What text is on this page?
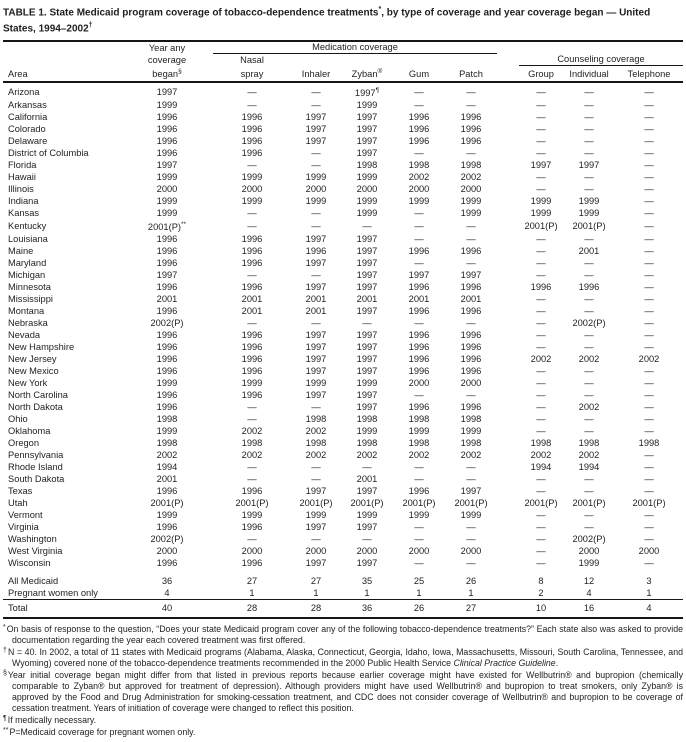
TABLE 1. State Medicaid program coverage of tobacco-dependence treatments*, by type of coverage and year coverage began — United States, 1994–2002†
	Year any	Medication coverage								
	coverage	Nasal						Counseling coverage		
Area	began§	spray	Inhaler	Zyban®	Gum	Patch		Group	Individual	Telephone
Arizona	1997	—	—	1997¶	—	—		—	—	—
Arkansas	1999	—	—	1999	—	—		—	—	—
California	1996	1996	1997	1997	1996	1996		—	—	—
Colorado	1996	1996	1997	1997	1996	1996		—	—	—
Delaware	1996	1996	1997	1997	1996	1996		—	—	—
District of Columbia	1996	1996	—	1997	—	—		—	—	—
Florida	1997	—	—	1998	1998	1998		1997	1997	—
Hawaii	1999	1999	1999	1999	2002	2002		—	—	—
Illinois	2000	2000	2000	2000	2000	2000		—	—	—
Indiana	1999	1999	1999	1999	1999	1999		1999	1999	—
Kansas	1999	—	—	1999	—	1999		1999	1999	—
Kentucky	2001(P)**	—	—	—	—	—		2001(P)	2001(P)	—
Louisiana	1996	1996	1997	1997	—	—		—	—	—
Maine	1996	1996	1996	1997	1996	1996		—	2001	—
Maryland	1996	1996	1997	1997	—	—		—	—	—
Michigan	1997	—	—	1997	1997	1997		—	—	—
Minnesota	1996	1996	1997	1997	1996	1996		1996	1996	—
Mississippi	2001	2001	2001	2001	2001	2001		—	—	—
Montana	1996	2001	2001	1997	1996	1996		—	—	—
Nebraska	2002(P)	—	—	—	—	—		—	2002(P)	—
Nevada	1996	1996	1997	1997	1996	1996		—	—	—
New Hampshire	1996	1996	1997	1997	1996	1996		—	—	—
New Jersey	1996	1996	1997	1997	1996	1996		2002	2002	2002
New Mexico	1996	1996	1997	1997	1996	1996		—	—	—
New York	1999	1999	1999	1999	2000	2000		—	—	—
North Carolina	1996	1996	1997	1997	—	—		—	—	—
North Dakota	1996	—	—	1997	1996	1996		—	2002	—
Ohio	1998	—	1998	1998	1998	1998		—	—	—
Oklahoma	1999	2002	2002	1999	1999	1999		—	—	—
Oregon	1998	1998	1998	1998	1998	1998		1998	1998	1998
Pennsylvania	2002	2002	2002	2002	2002	2002		2002	2002	—
Rhode Island	1994	—	—	—	—	—		1994	1994	—
South Dakota	2001	—	—	2001	—	—		—	—	—
Texas	1996	1996	1997	1997	1996	1997		—	—	—
Utah	2001(P)	2001(P)	2001(P)	2001(P)	2001(P)	2001(P)		2001(P)	2001(P)	2001(P)
Vermont	1999	1999	1999	1999	1999	1999		—	—	—
Virginia	1996	1996	1997	1997	—	—		—	—	—
Washington	2002(P)	—	—	—	—	—		—	2002(P)	—
West Virginia	2000	2000	2000	2000	2000	2000		—	2000	2000
Wisconsin	1996	1996	1997	1997	—	—		—	1999	—
All Medicaid	36	27	27	35	25	26		8	12	3
Pregnant women only	4	1	1	1	1	1		2	4	1
Total	40	28	28	36	26	27		10	16	4
*On basis of response to the question, “Does your state Medicaid program cover any of the following tobacco-dependence treatments?” Each state also was asked to provide documentation regarding the year each covered treatment was first offered.
†N = 40. In 2002, a total of 11 states with Medicaid programs (Alabama, Alaska, Connecticut, Georgia, Idaho, Iowa, Massachusetts, Missouri, South Carolina, Tennessee, and Wyoming) covered none of the tobacco-dependence treatments recommended in the 2000 Public Health Service Clinical Practice Guideline.
§Year initial coverage began might differ from that listed in previous reports because earlier coverage might have existed for Wellbutrin® and bupropion (chemically comparable to Zyban® but approved for treatment of depression). Although providers might have used Wellbutrin® and bupropion to treat smokers, only Zyban® is approved by the Food and Drug Administration for smoking-cessation treatment, and CDC does not consider coverage of Wellbutrin® and bupropion to be coverage of cessation treatment. Years of initiation of coverage were changed to reflect this position.
¶If medically necessary.
**P=Medicaid coverage for pregnant women only.
